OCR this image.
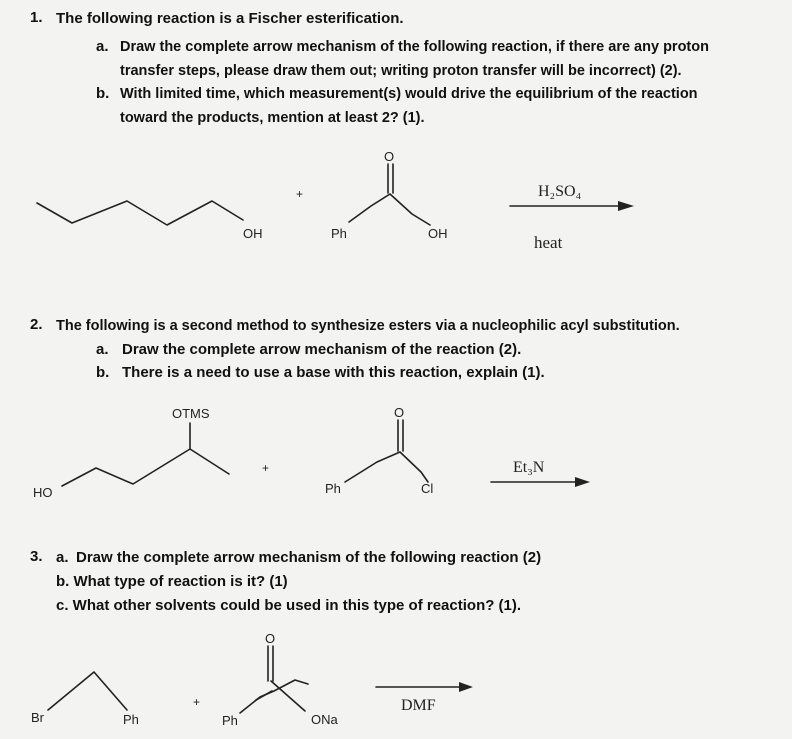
1. The following reaction is a Fischer esterification.
a. Draw the complete arrow mechanism of the following reaction, if there are any proton
transfer steps, please draw them out; writing proton transfer will be incorrect) (2).
b. With limited time, which measurement(s) would drive the equilibrium of the reaction
toward the products, mention at least 2? (1).
2. The following is a second method to synthesize esters via a nucleophilic acyl substitution.
a. Draw the complete arrow mechanism of the reaction (2).
b. There is a need to use a base with this reaction, explain (1).
3. a. Draw the complete arrow mechanism of the following reaction (2)
b. What type of reaction is it? (1)
c. What other solvents could be used in this type of reaction? (1).
OH
+
Ph
O
OH
H₂SO₄
heat
HO
OTMS
+
Ph
O
Cl
Et₃N
Br	Ph
+
Ph
O
ONa
DMF
